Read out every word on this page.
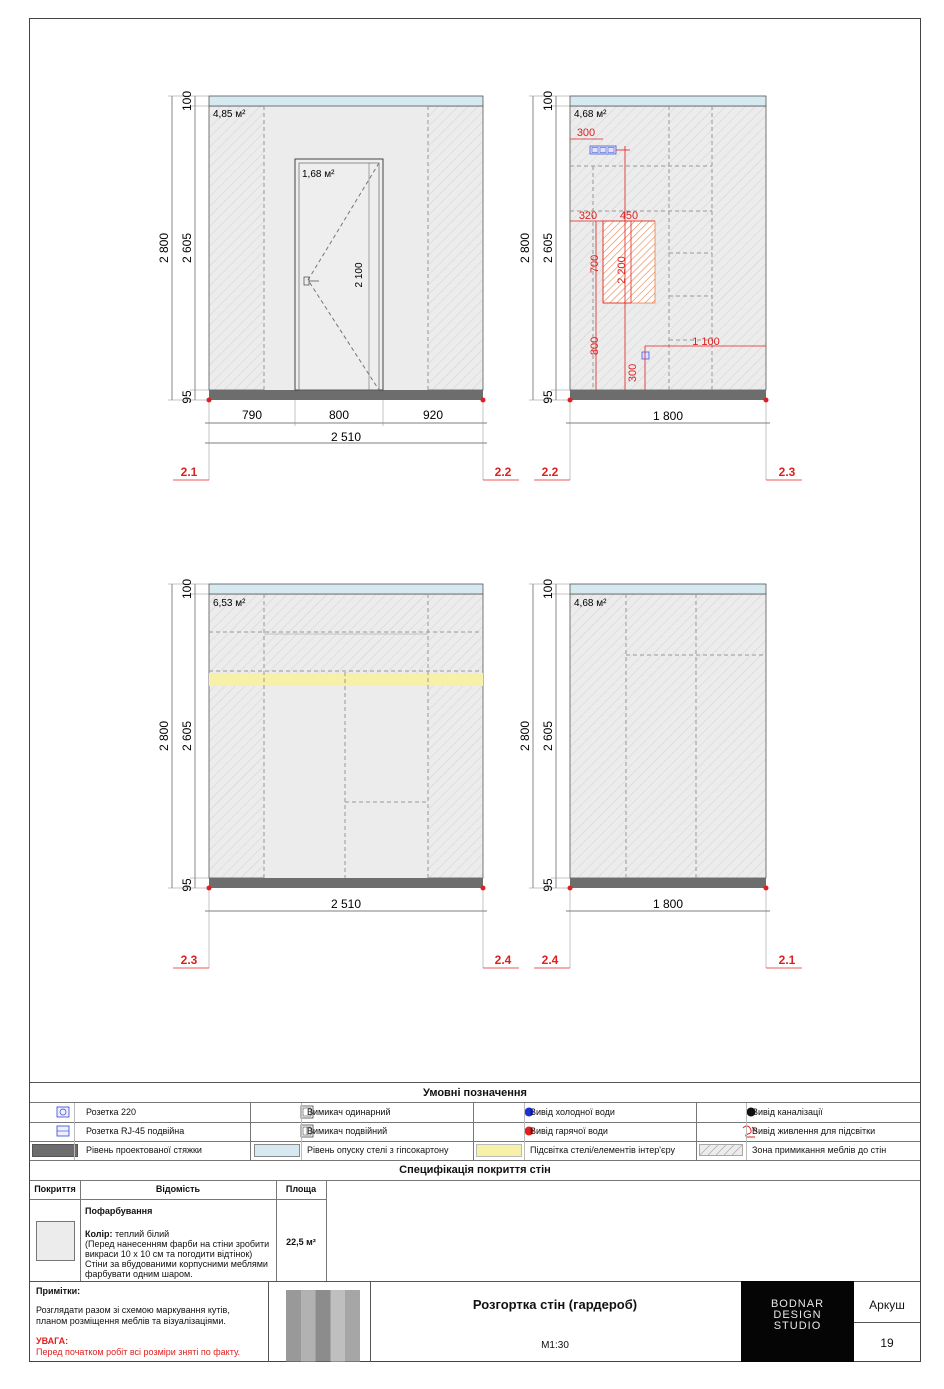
1,68 м²
2 100
4,85 м²
2 800
100
2 605
95
790	800	920
2 510
2.1	2.2
4,68 м²
300
320 450
700 2 200
800
300
1 100
2 800
100
2 605
95
1 800
2.2	2.3
6,53 м²
2 800
100
2 605
95
2 510
2.3	2.4
4,68 м²
2 800
100
2 605
95
1 800
2.4	2.1
Умовні позначення
Розетка 220	Вимикач одинарний	Вивід холодної води	Вивід каналізації
Розетка RJ-45 подвійна	Вимикач подвійний	Вивід гарячої води	Вивід живлення для підсвітки
Рівень проектованої стяжки	Рівень опуску стелі з гіпсокартону	Підсвітка стелі/елементів інтер'єру	Зона примикання меблів до стін
Специфікація покриття стін
Покриття	Відомість	Площа
Пофарбування
Колір: теплий білий
(Перед нанесенням фарби на стіни зробити
викраси 10 х 10 см та погодити відтінок)
Стіни за вбудованими корпусними меблями
фарбувати одним шаром.
22,5 м²
Примітки:
Розглядати разом зі схемою маркування кутів,
планом розміщення меблів та візуалізаціями.
УВАГА:
Перед початком робіт всі розміри зняті по факту.
Розгортка стін (гардероб)
М1:30
BODNAR
DESIGN
STUDIO
Аркуш
19
